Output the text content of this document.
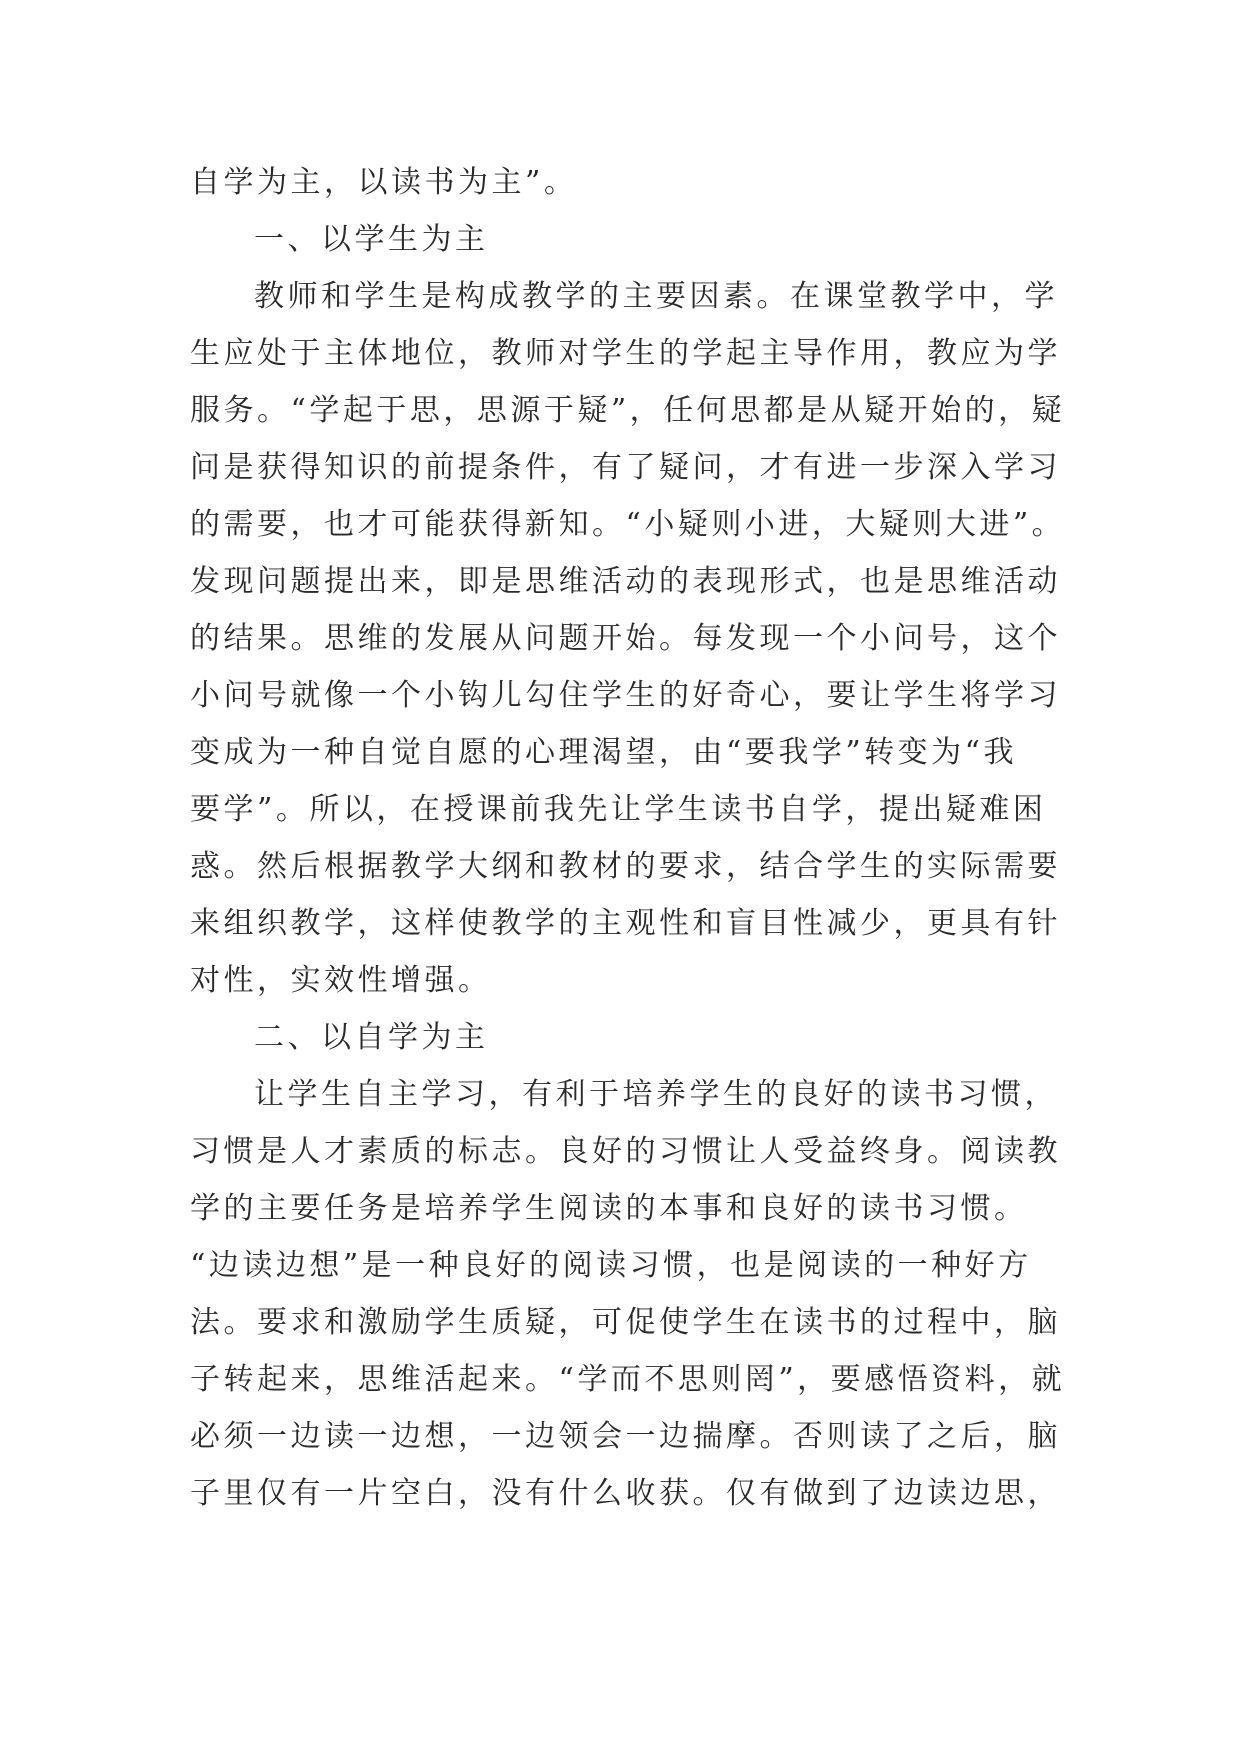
自学为主，以读书为主”。
一、以学生为主
教师和学生是构成教学的主要因素。在课堂教学中，学
生应处于主体地位，教师对学生的学起主导作用，教应为学
服务。“学起于思，思源于疑”，任何思都是从疑开始的，疑
问是获得知识的前提条件，有了疑问，才有进一步深入学习
的需要，也才可能获得新知。“小疑则小进，大疑则大进”。
发现问题提出来，即是思维活动的表现形式，也是思维活动
的结果。思维的发展从问题开始。每发现一个小问号，这个
小问号就像一个小钩儿勾住学生的好奇心，要让学生将学习
变成为一种自觉自愿的心理渴望，由“要我学”转变为“我
要学”。所以，在授课前我先让学生读书自学，提出疑难困
惑。然后根据教学大纲和教材的要求，结合学生的实际需要
来组织教学，这样使教学的主观性和盲目性减少，更具有针
对性，实效性增强。
二、以自学为主
让学生自主学习，有利于培养学生的良好的读书习惯，
习惯是人才素质的标志。良好的习惯让人受益终身。阅读教
学的主要任务是培养学生阅读的本事和良好的读书习惯。
“边读边想”是一种良好的阅读习惯，也是阅读的一种好方
法。要求和激励学生质疑，可促使学生在读书的过程中，脑
子转起来，思维活起来。“学而不思则罔”，要感悟资料，就
必须一边读一边想，一边领会一边揣摩。否则读了之后，脑
子里仅有一片空白，没有什么收获。仅有做到了边读边思，
